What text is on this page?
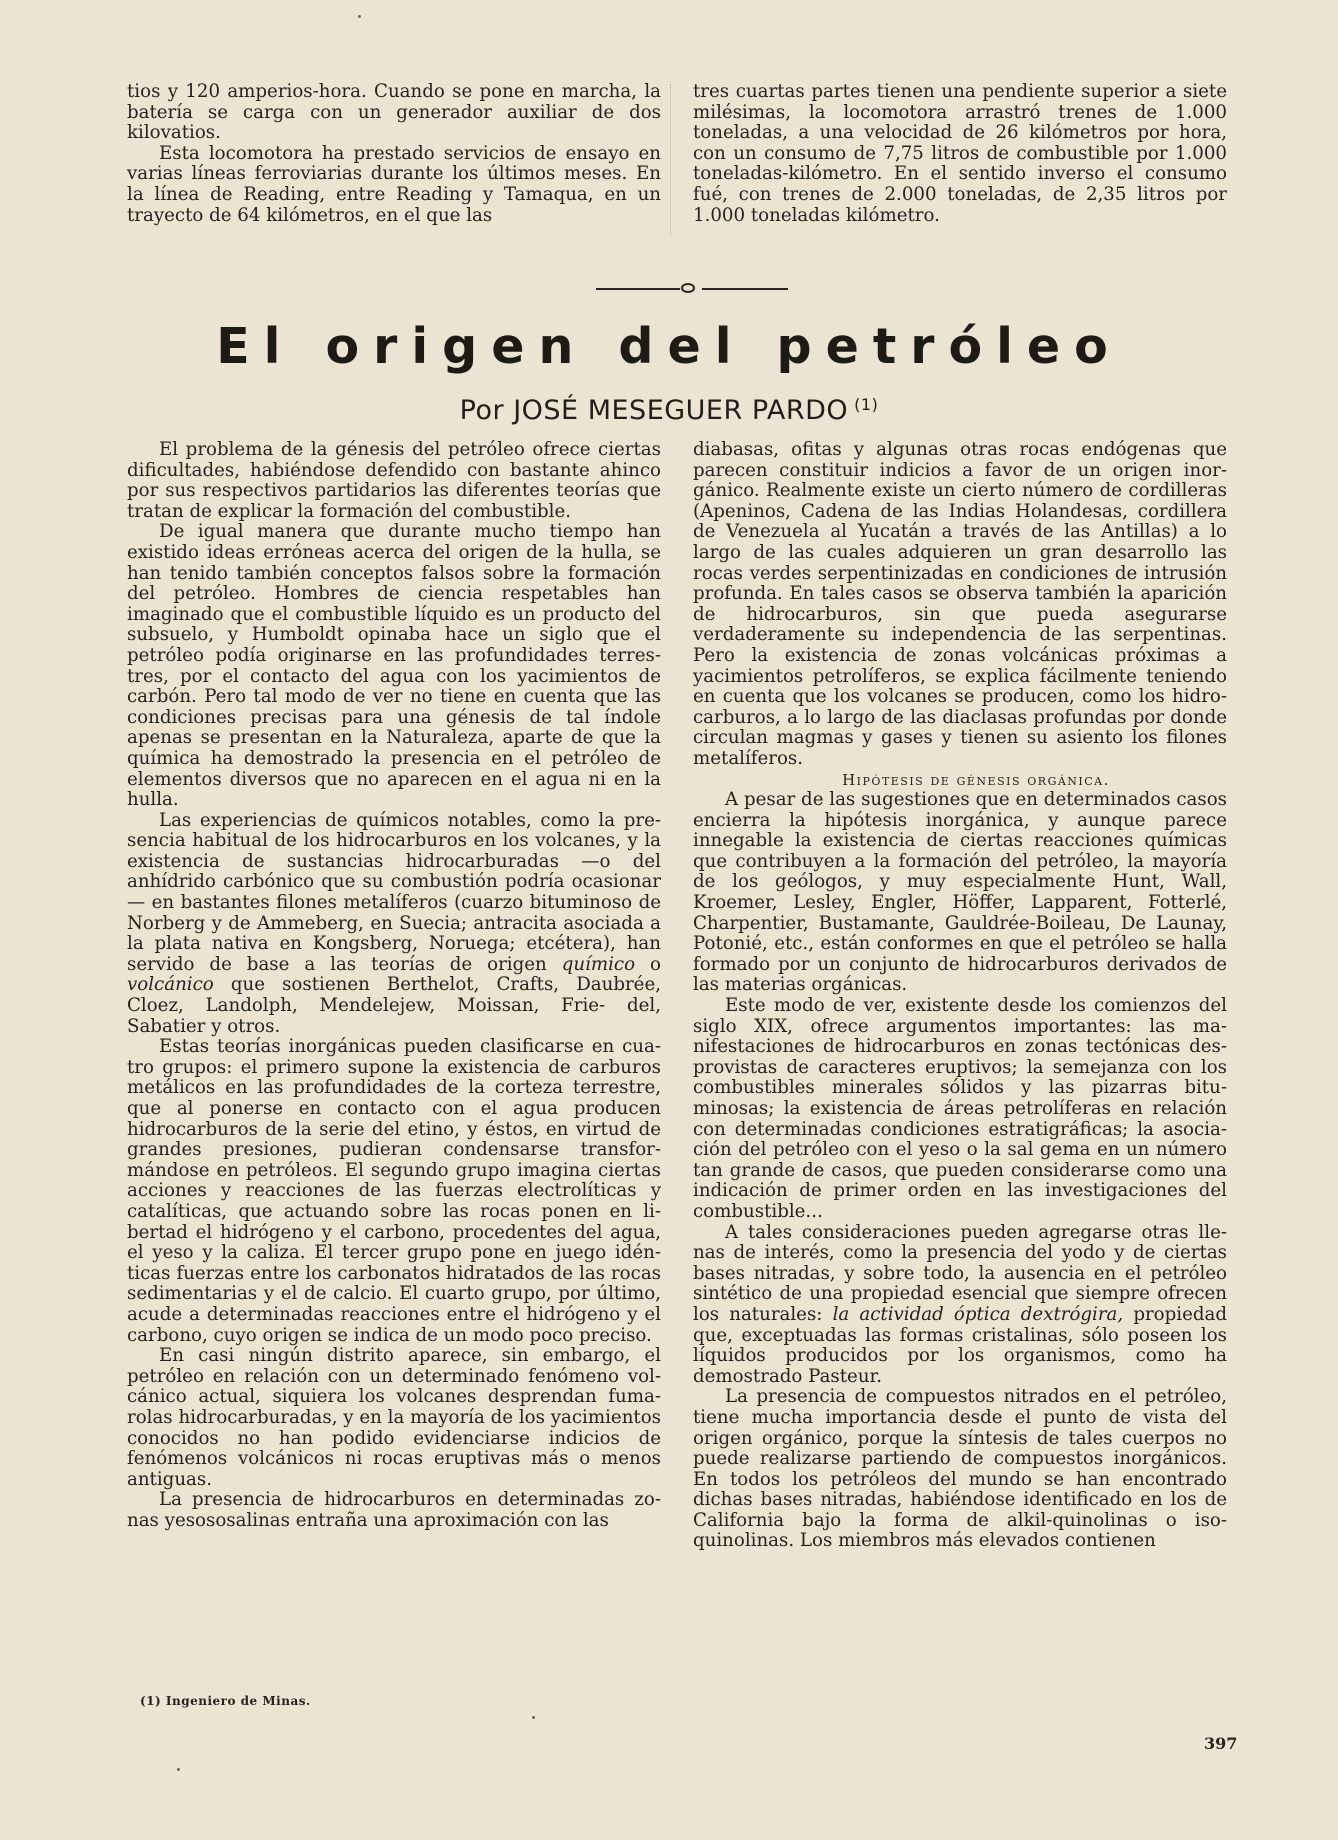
tios y 120 amperios-hora. Cuando se pone en marcha, la batería se carga con un generador auxiliar de dos kilovatios.

Esta locomotora ha prestado servicios de ensayo en varias líneas ferroviarias durante los últimos meses. En la línea de Reading, entre Reading y Tamaqua, en un trayecto de 64 kilómetros, en el que las

tres cuartas partes tienen una pendiente superior a siete milésimas, la locomotora arrastró trenes de 1.000 toneladas, a una velocidad de 26 kilómetros por hora, con un consumo de 7,75 litros de combustible por 1.000 toneladas-kilómetro. En el sentido inverso el consumo fué, con trenes de 2.000 toneladas, de 2,35 litros por 1.000 toneladas kilómetro.

El origen del petróleo
Por JOSÉ MESEGUER PARDO $^{(1)}$

El problema de la génesis del petróleo ofrece ciertas dificultades, habiéndose defendido con bastante ahinco por sus respectivos partidarios las diferentes teorías que tratan de explicar la formación del combustible.

De igual manera que durante mucho tiempo han existido ideas erróneas acerca del origen de la hulla, se han tenido también conceptos falsos sobre la formación del petróleo. Hombres de ciencia respetables han imaginado que el combustible líquido es un producto del subsuelo, y Humboldt opinaba hace un siglo que el petróleo podía originarse en las profundidades terrestres, por el contacto del agua con los yacimientos de carbón. Pero tal modo de ver no tiene en cuenta que las condiciones precisas para una génesis de tal índole apenas se presentan en la Naturaleza, aparte de que la química ha demostrado la presencia en el petróleo de elementos diversos que no aparecen en el agua ni en la hulla.

Las experiencias de químicos notables, como la presencia habitual de los hidrocarburos en los volcanes, y la existencia de sustancias hidrocarburadas —o del anhídrido carbónico que su combustión podría ocasionar— en bastantes filones metalíferos (cuarzo bituminoso de Norberg y de Ammeberg, en Suecia; antracita asociada a la plata nativa en Kongsberg, Noruega; etcétera), han servido de base a las teorías de origen químico o volcánico que sostienen Berthelot, Crafts, Daubrée, Cloez, Landolph, Mendelejew, Moissan, Frie- del, Sabatier y otros.

Estas teorías inorgánicas pueden clasificarse en cuatro grupos: el primero supone la existencia de carburos metálicos en las profundidades de la corteza terrestre, que al ponerse en contacto con el agua producen hidrocarburos de la serie del etino, y éstos, en virtud de grandes presiones, pudieran condensarse transformándose en petróleos. El segundo grupo imagina ciertas acciones y reacciones de las fuerzas electrolíticas y catalíticas, que actuando sobre las rocas ponen en libertad el hidrógeno y el carbono, procedentes del agua, el yeso y la caliza. El tercer grupo pone en juego idénticas fuerzas entre los carbonatos hidratados de las rocas sedimentarias y el de calcio. El cuarto grupo, por último, acude a determinadas reacciones entre el hidrógeno y el carbono, cuyo origen se indica de un modo poco preciso.

En casi ningún distrito aparece, sin embargo, el petróleo en relación con un determinado fenómeno volcánico actual, siquiera los volcanes desprendan fumarolas hidrocarburadas, y en la mayoría de los yacimientos conocidos no han podido evidenciarse indicios de fenómenos volcánicos ni rocas eruptivas más o menos antiguas.

La presencia de hidrocarburos en determinadas zonas yesososalinas entraña una aproximación con las

diabasas, ofitas y algunas otras rocas endógenas que parecen constituir indicios a favor de un origen inorgánico. Realmente existe un cierto número de cordilleras (Apeninos, Cadena de las Indias Holandesas, cordillera de Venezuela al Yucatán a través de las Antillas) a lo largo de las cuales adquieren un gran desarrollo las rocas verdes serpentinizadas en condiciones de intrusión profunda. En tales casos se observa también la aparición de hidrocarburos, sin que pueda asegurarse verdaderamente su independencia de las serpentinas. Pero la existencia de zonas volcánicas próximas a yacimientos petrolíferos, se explica fácilmente teniendo en cuenta que los volcanes se producen, como los hidrocarburos, a lo largo de las diaclasas profundas por donde circulan magmas y gases y tienen su asiento los filones metalíferos.

Hipótesis de génesis orgánica.

A pesar de las sugestiones que en determinados casos encierra la hipótesis inorgánica, y aunque parece innegable la existencia de ciertas reacciones químicas que contribuyen a la formación del petróleo, la mayoría de los geólogos, y muy especialmente Hunt, Wall, Kroemer, Lesley, Engler, Höffer, Lapparent, Fotterlé, Charpentier, Bustamante, Gauldrée-Boileau, De Launay, Potonié, etc., están conformes en que el petróleo se halla formado por un conjunto de hidrocarburos derivados de las materias orgánicas.

Este modo de ver, existente desde los comienzos del siglo XIX, ofrece argumentos importantes: las manifestaciones de hidrocarburos en zonas tectónicas desprovistas de caracteres eruptivos; la semejanza con los combustibles minerales sólidos y las pizarras bituminosas; la existencia de áreas petrolíferas en relación con determinadas condiciones estratigráficas; la asociación del petróleo con el yeso o la sal gema en un número tan grande de casos, que pueden considerarse como una indicación de primer orden en las investigaciones del combustible...

A tales consideraciones pueden agregarse otras llenas de interés, como la presencia del yodo y de ciertas bases nitradas, y sobre todo, la ausencia en el petróleo sintético de una propiedad esencial que siempre ofrecen los naturales: la actividad óptica dextrógira, propiedad que, exceptuadas las formas cristalinas, sólo poseen los líquidos producidos por los organismos, como ha demostrado Pasteur.

La presencia de compuestos nitrados en el petróleo, tiene mucha importancia desde el punto de vista del origen orgánico, porque la síntesis de tales cuerpos no puede realizarse partiendo de compuestos inorgánicos. En todos los petróleos del mundo se han encontrado dichas bases nitradas, habiéndose identificado en los de California bajo la forma de alkil-quinolinas o iso-quinolinas. Los miembros más elevados contienen

(1) Ingeniero de Minas.
397
